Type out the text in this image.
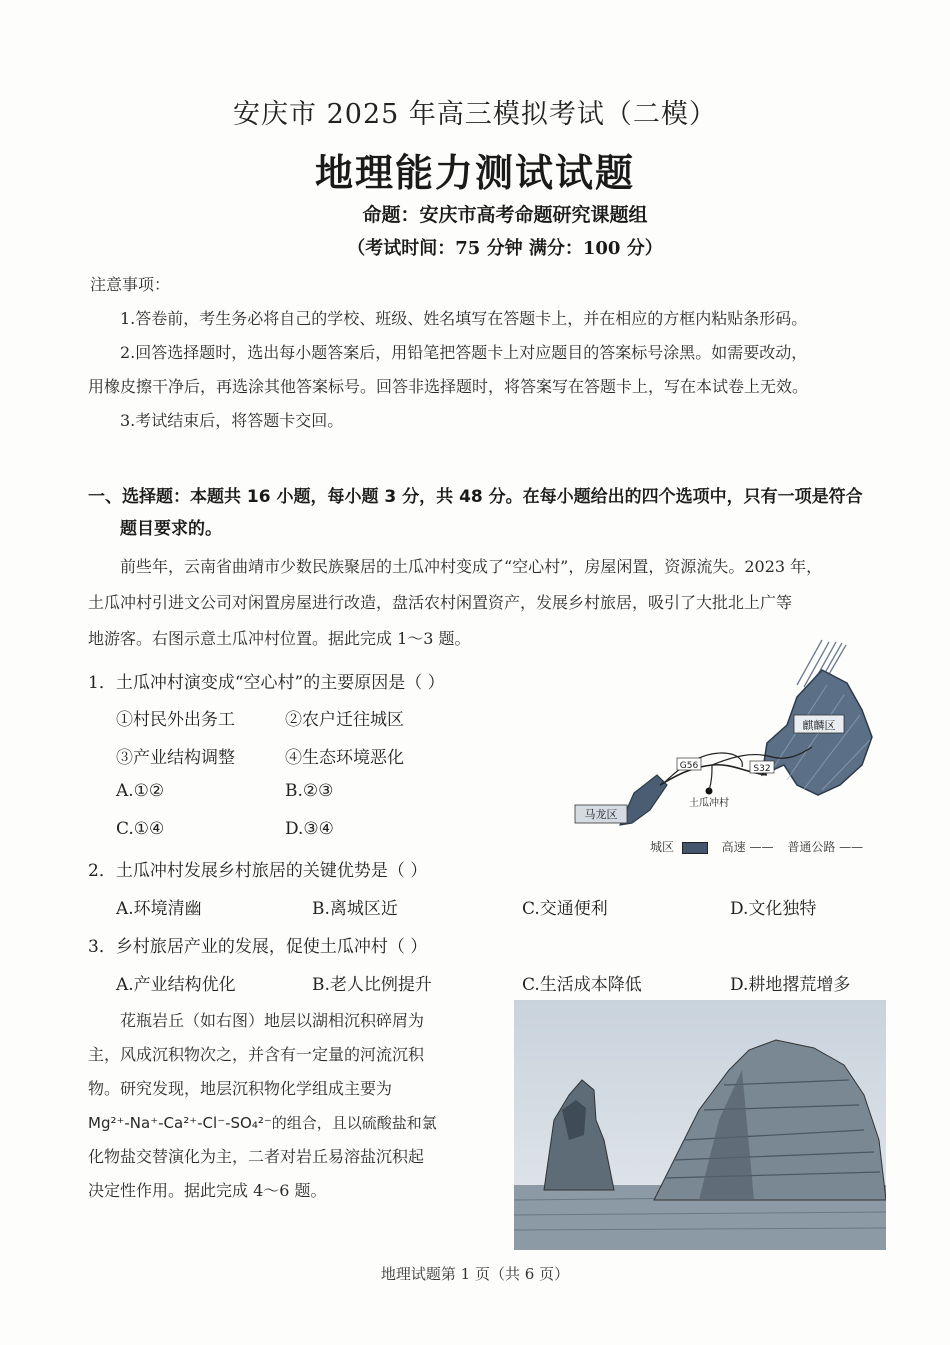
安庆市 2025 年高三模拟考试（二模）
地理能力测试试题
命题：安庆市高考命题研究课题组
（考试时间：75 分钟 满分：100 分）
注意事项：
1.答卷前，考生务必将自己的学校、班级、姓名填写在答题卡上，并在相应的方框内粘贴条形码。
2.回答选择题时，选出每小题答案后，用铅笔把答题卡上对应题目的答案标号涂黑。如需要改动，
用橡皮擦干净后，再选涂其他答案标号。回答非选择题时，将答案写在答题卡上，写在本试卷上无效。
3.考试结束后，将答题卡交回。
一、选择题：本题共 16 小题，每小题 3 分，共 48 分。在每小题给出的四个选项中，只有一项是符合
题目要求的。
前些年，云南省曲靖市少数民族聚居的土瓜冲村变成了“空心村”，房屋闲置，资源流失。2023 年，
土瓜冲村引进文公司对闲置房屋进行改造，盘活农村闲置资产，发展乡村旅居，吸引了大批北上广等
地游客。右图示意土瓜冲村位置。据此完成 1～3 题。
1．土瓜冲村演变成“空心村”的主要原因是（ ）
①村民外出务工	②农户迁往城区
③产业结构调整	④生态环境恶化
A.①②	B.②③
C.①④	D.③④
麒麟区
马龙区
土瓜冲村
G56	S32
城区	高速 —— 普通公路 ——
2．土瓜冲村发展乡村旅居的关键优势是（ ）
A.环境清幽	B.离城区近	C.交通便利	D.文化独特
3．乡村旅居产业的发展，促使土瓜冲村（ ）
A.产业结构优化	B.老人比例提升	C.生活成本降低	D.耕地撂荒增多
花瓶岩丘（如右图）地层以湖相沉积碎屑为
主，风成沉积物次之，并含有一定量的河流沉积
物。研究发现，地层沉积物化学组成主要为
Mg²⁺-Na⁺-Ca²⁺-Cl⁻-SO₄²⁻的组合，且以硫酸盐和氯
化物盐交替演化为主，二者对岩丘易溶盐沉积起
决定性作用。据此完成 4～6 题。
地理试题第 1 页（共 6 页）
